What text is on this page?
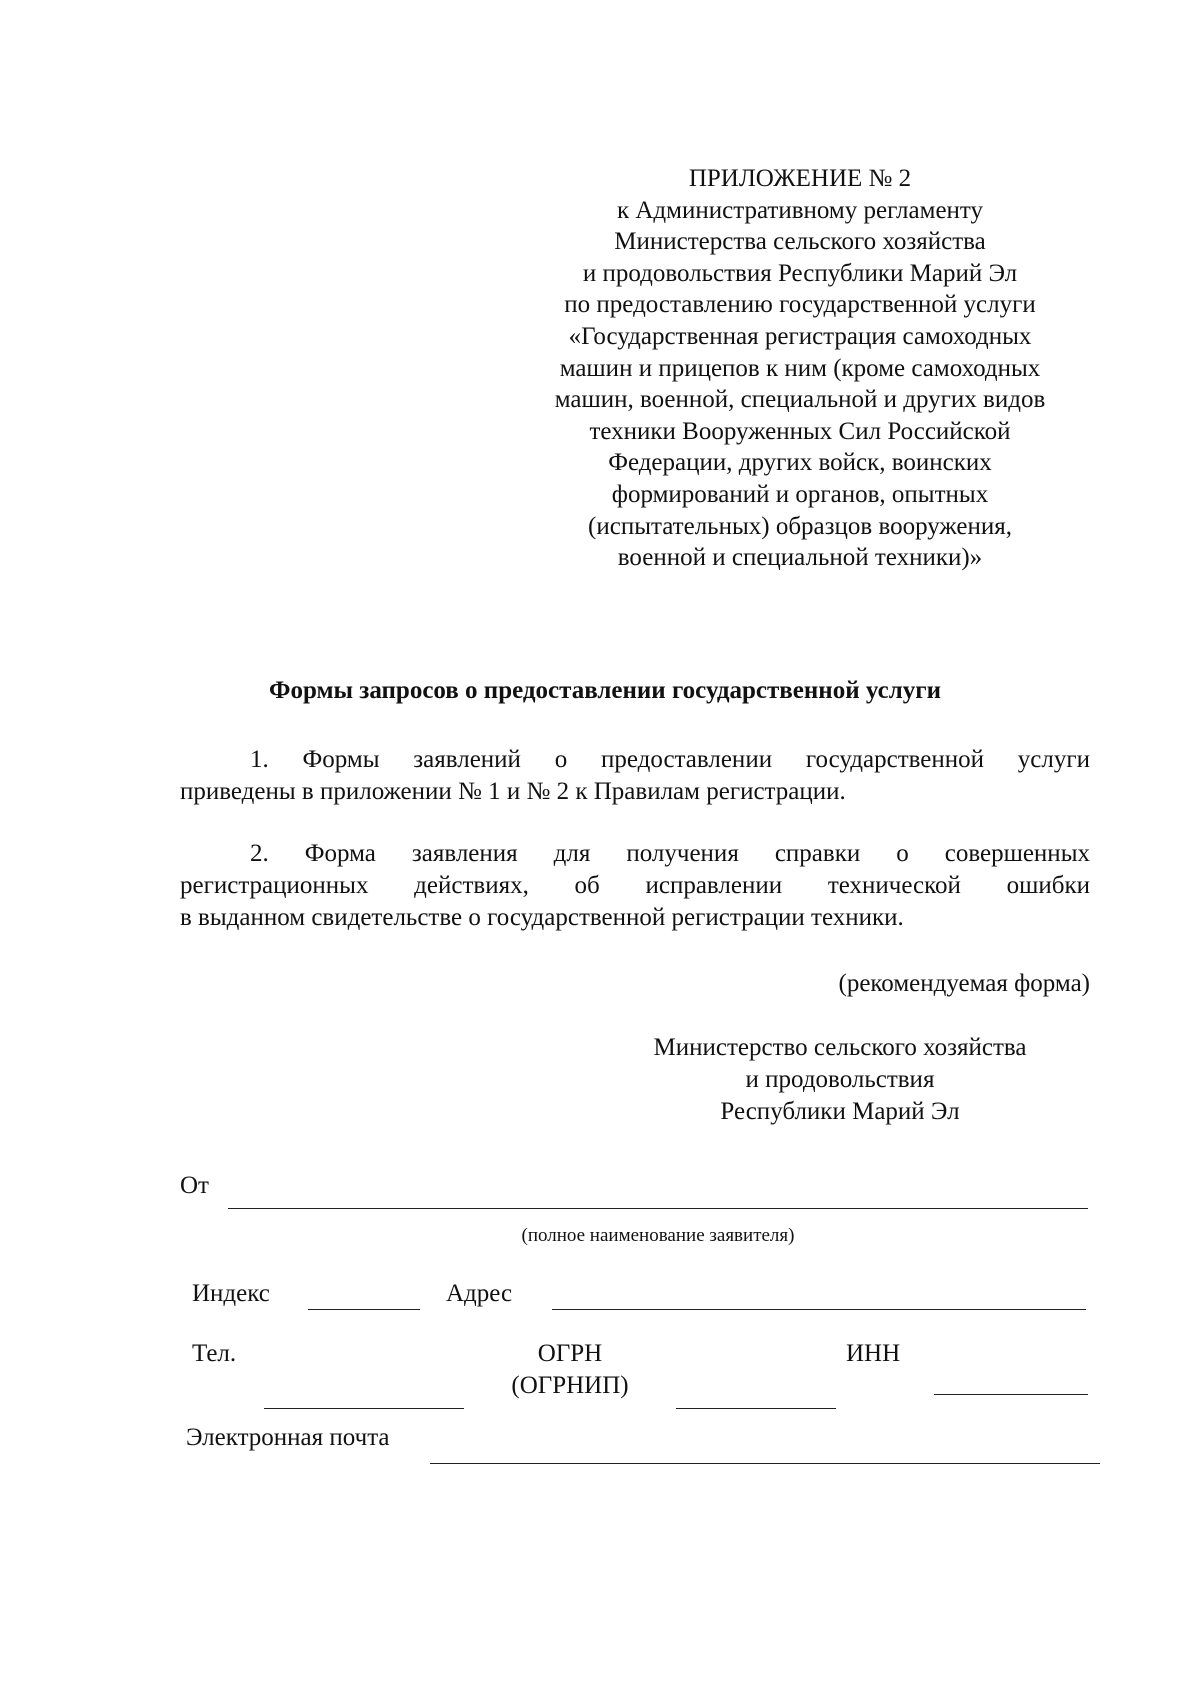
ПРИЛОЖЕНИЕ № 2
к Административному регламенту
Министерства сельского хозяйства
и продовольствия Республики Марий Эл
по предоставлению государственной услуги
«Государственная регистрация самоходных
машин и прицепов к ним (кроме самоходных
машин, военной, специальной и других видов
техники Вооруженных Сил Российской
Федерации, других войск, воинских
формирований и органов, опытных
(испытательных) образцов вооружения,
военной и специальной техники)»
Формы запросов о предоставлении государственной услуги
1. Формы заявлений о предоставлении государственной услуги
приведены в приложении № 1 и № 2 к Правилам регистрации.
2. Форма заявления для получения справки о совершенных
регистрационных действиях, об исправлении технической ошибки
в выданном свидетельстве о государственной регистрации техники.
(рекомендуемая форма)
Министерство сельского хозяйства
и продовольствия
Республики Марий Эл
От
(полное наименование заявителя)
Индекс	Адрес
Тел.	ОГРН
(ОГРНИП)
ИНН
Электронная почта
